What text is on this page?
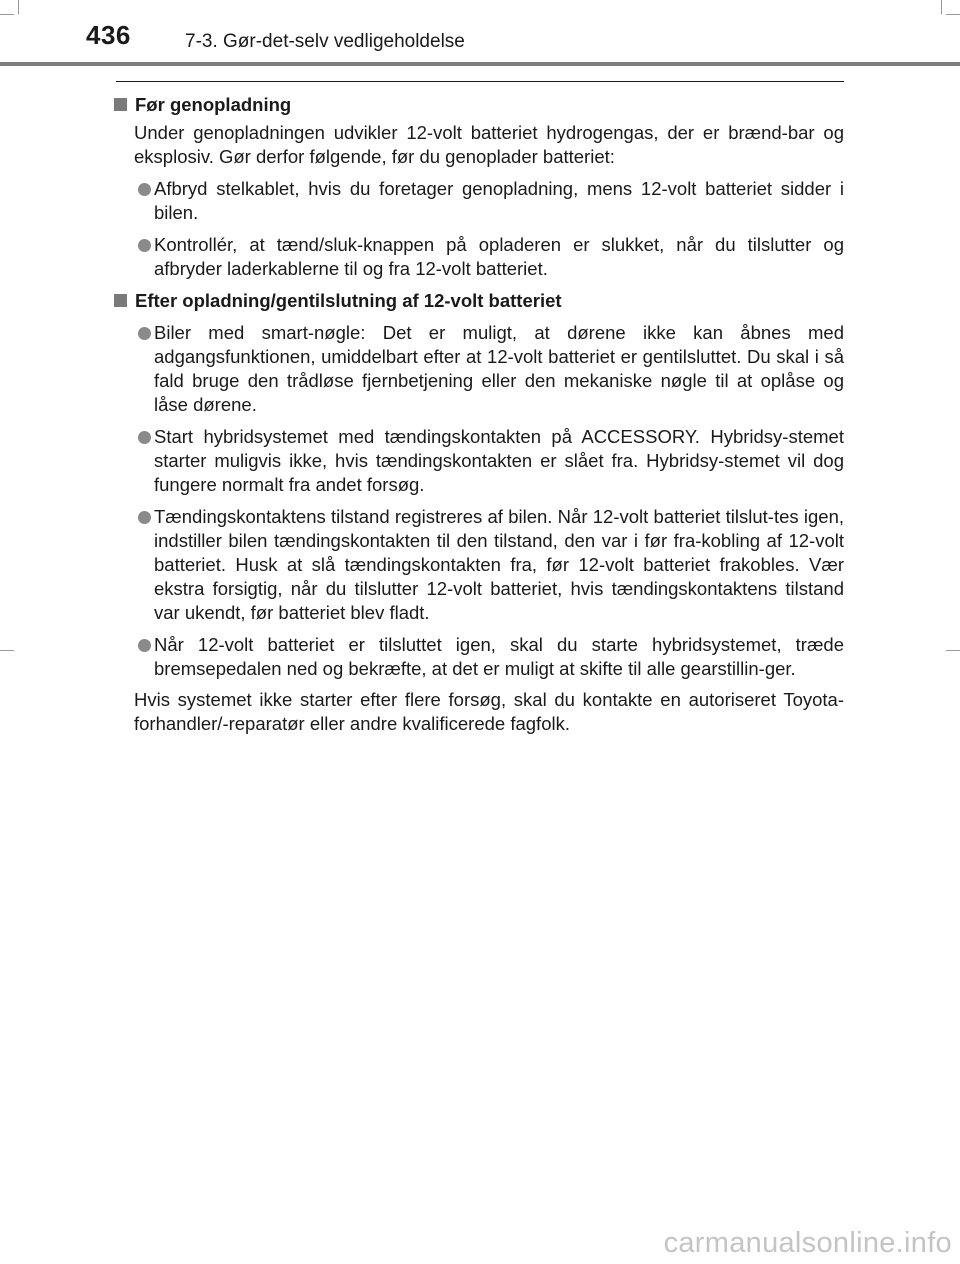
436	7-3. Gør-det-selv vedligeholdelse
Før genopladning

Under genopladningen udvikler 12-volt batteriet hydrogengas, der er brænd-bar og eksplosiv. Gør derfor følgende, før du genoplader batteriet:

Afbryd stelkablet, hvis du foretager genopladning, mens 12-volt batteriet sidder i bilen.
Kontrollér, at tænd/sluk-knappen på opladeren er slukket, når du tilslutter og afbryder laderkablerne til og fra 12-volt batteriet.
Efter opladning/gentilslutning af 12-volt batteriet
Biler med smart-nøgle: Det er muligt, at dørene ikke kan åbnes med adgangsfunktionen, umiddelbart efter at 12-volt batteriet er gentilsluttet. Du skal i så fald bruge den trådløse fjernbetjening eller den mekaniske nøgle til at oplåse og låse dørene.
Start hybridsystemet med tændingskontakten på ACCESSORY. Hybridsy-stemet starter muligvis ikke, hvis tændingskontakten er slået fra. Hybridsy-stemet vil dog fungere normalt fra andet forsøg.
Tændingskontaktens tilstand registreres af bilen. Når 12-volt batteriet tilslut-tes igen, indstiller bilen tændingskontakten til den tilstand, den var i før fra-kobling af 12-volt batteriet. Husk at slå tændingskontakten fra, før 12-volt batteriet frakobles. Vær ekstra forsigtig, når du tilslutter 12-volt batteriet, hvis tændingskontaktens tilstand var ukendt, før batteriet blev fladt.
Når 12-volt batteriet er tilsluttet igen, skal du starte hybridsystemet, træde bremsepedalen ned og bekræfte, at det er muligt at skifte til alle gearstillin-ger.

Hvis systemet ikke starter efter flere forsøg, skal du kontakte en autoriseret Toyota-forhandler/-reparatør eller andre kvalificerede fagfolk.

carmanualsonline.info
